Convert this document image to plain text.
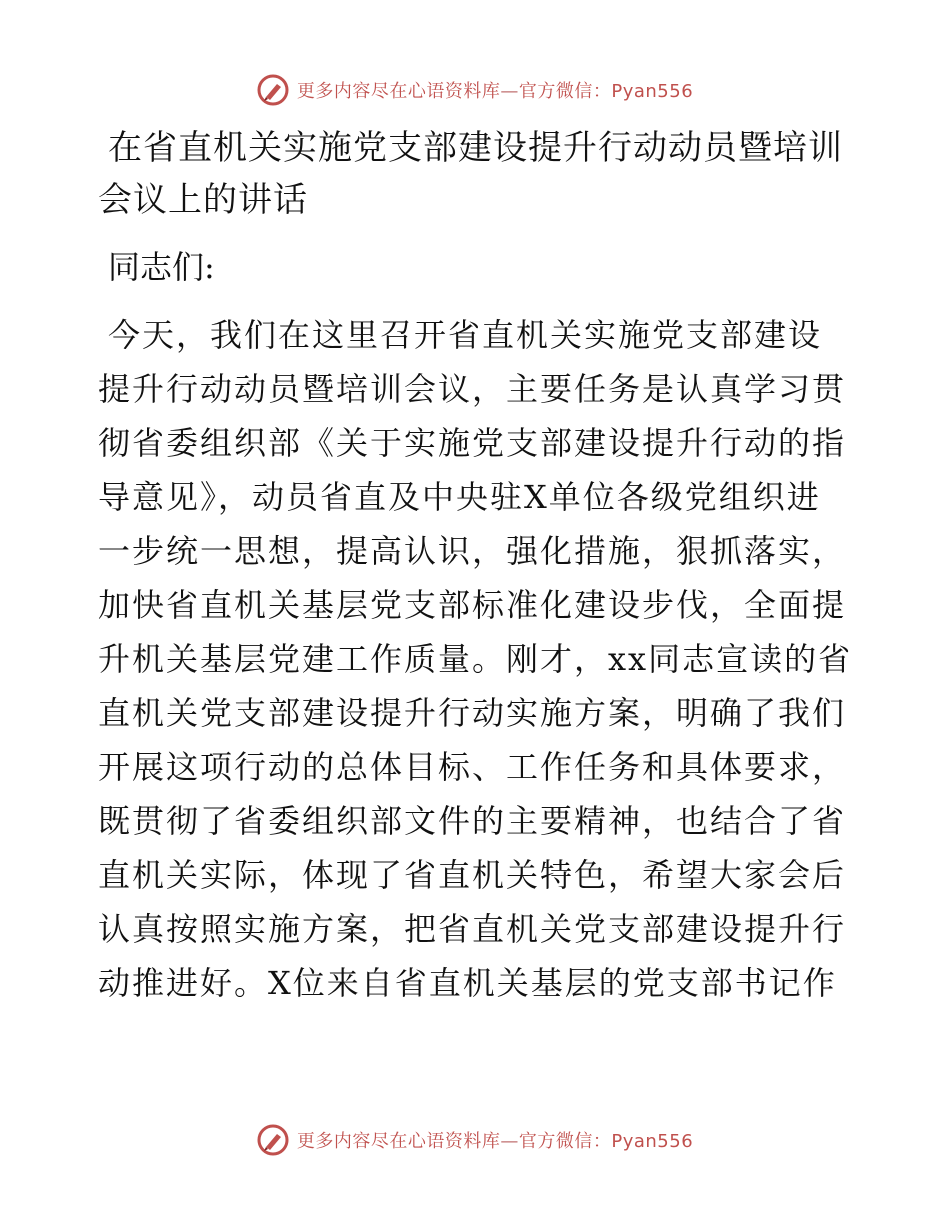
更多内容尽在心语资料库—官方微信：Pyan556
在省直机关实施党支部建设提升行动动员暨培训
会议上的讲话
同志们:
今天，我们在这里召开省直机关实施党支部建设
提升行动动员暨培训会议，主要任务是认真学习贯
彻省委组织部《关于实施党支部建设提升行动的指
导意见》，动员省直及中央驻X单位各级党组织进
一步统一思想，提高认识，强化措施，狠抓落实，
加快省直机关基层党支部标准化建设步伐，全面提
升机关基层党建工作质量。刚才，xx同志宣读的省
直机关党支部建设提升行动实施方案，明确了我们
开展这项行动的总体目标、工作任务和具体要求，
既贯彻了省委组织部文件的主要精神，也结合了省
直机关实际，体现了省直机关特色，希望大家会后
认真按照实施方案，把省直机关党支部建设提升行
动推进好。X位来自省直机关基层的党支部书记作
更多内容尽在心语资料库—官方微信：Pyan556
